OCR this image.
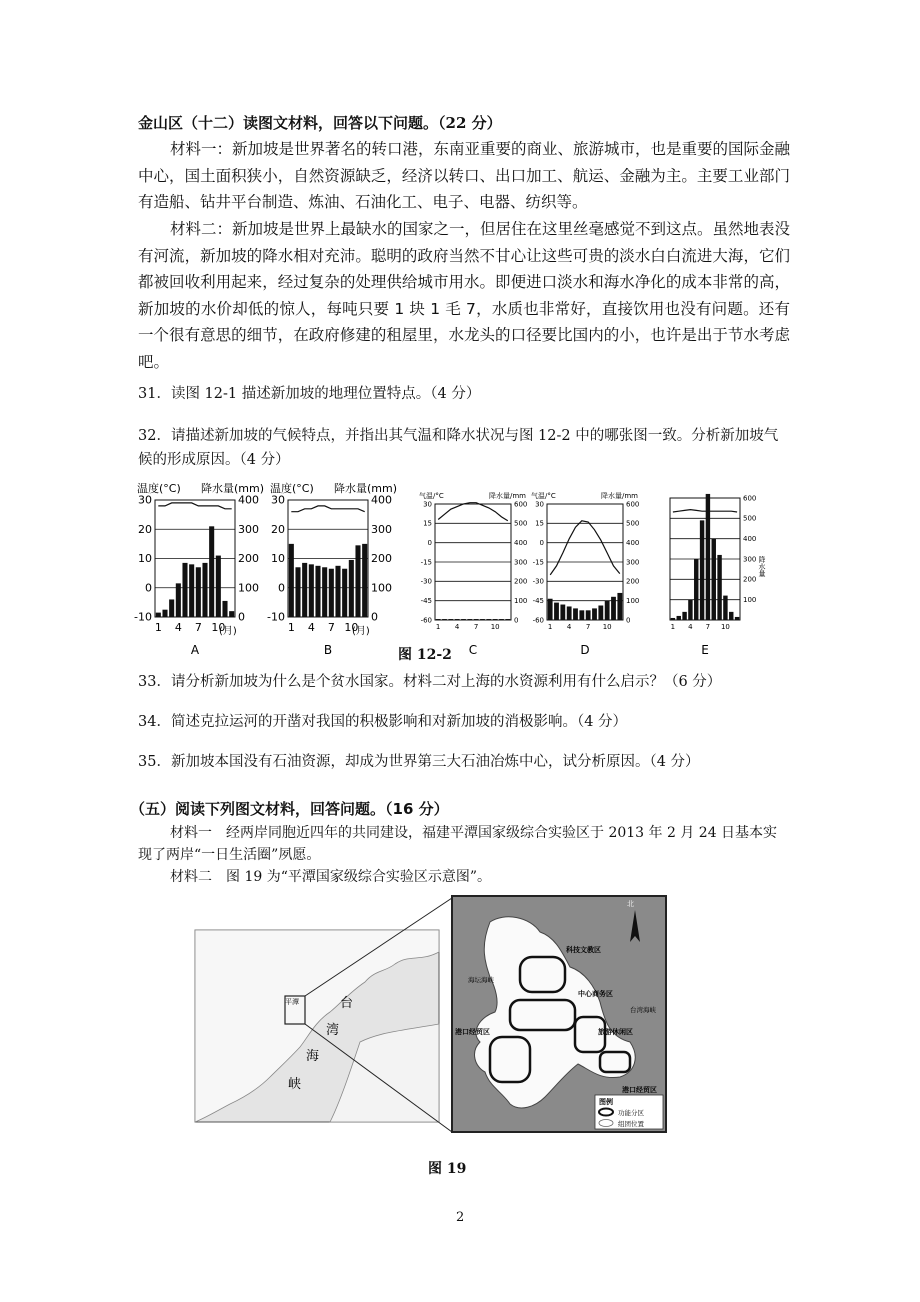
金山区（十二）读图文材料，回答以下问题。（22 分）
材料一：新加坡是世界著名的转口港，东南亚重要的商业、旅游城市，也是重要的国际金融中心，国土面积狭小，自然资源缺乏，经济以转口、出口加工、航运、金融为主。主要工业部门有造船、钻井平台制造、炼油、石油化工、电子、电器、纺织等。
材料二：新加坡是世界上最缺水的国家之一，但居住在这里丝毫感觉不到这点。虽然地表没有河流，新加坡的降水相对充沛。聪明的政府当然不甘心让这些可贵的淡水白白流进大海，它们都被回收利用起来，经过复杂的处理供给城市用水。即便进口淡水和海水净化的成本非常的高，新加坡的水价却低的惊人，每吨只要 1 块 1 毛 7，水质也非常好，直接饮用也没有问题。还有一个很有意思的细节，在政府修建的租屋里，水龙头的口径要比国内的小，也许是出于节水考虑吧。
31．读图 12-1 描述新加坡的地理位置特点。（4 分）
32．请描述新加坡的气候特点，并指出其气温和降水状况与图 12-2 中的哪张图一致。分析新加坡气候的形成原因。（4 分）
30
20
10
0
-10
400
300
200
100
0
1 4 7 10
温度(°C) 降水量(mm)
(月)
A
30
20
10
0
-10
400
300
200
100
0
1 4 7 10
温度(°C) 降水量(mm)
(月)
B
30
15
0
-15
-30
-45
-60
600
500
400
300
200
100
0
1 4 7 10
气温/°C	降水量/mm
C
30
15
0
-15
-30
-45
-60
600
500
400
300
200
100
0
1 4 7 10
气温/°C	降水量/mm
D
600
500
400
300
200
100
1 4 7 10
降水量
E
图 12-2
33．请分析新加坡为什么是个贫水国家。材料二对上海的水资源利用有什么启示？（6 分）
34．简述克拉运河的开凿对我国的积极影响和对新加坡的消极影响。（4 分）
35．新加坡本国没有石油资源，却成为世界第三大石油冶炼中心，试分析原因。（4 分）
（五）阅读下列图文材料，回答问题。（16 分）
材料一　经两岸同胞近四年的共同建设，福建平潭国家级综合实验区于 2013 年 2 月 24 日基本实现了两岸“一日生活圈”夙愿。
材料二　图 19 为“平潭国家级综合实验区示意图”。
平潭	台
湾
海
峡
北
海坛海峡
台湾海峡
科技文教区
中心商务区
旅游休闲区
港口经贸区
港口经贸区
图例
功能分区
组团位置
图 19
2
